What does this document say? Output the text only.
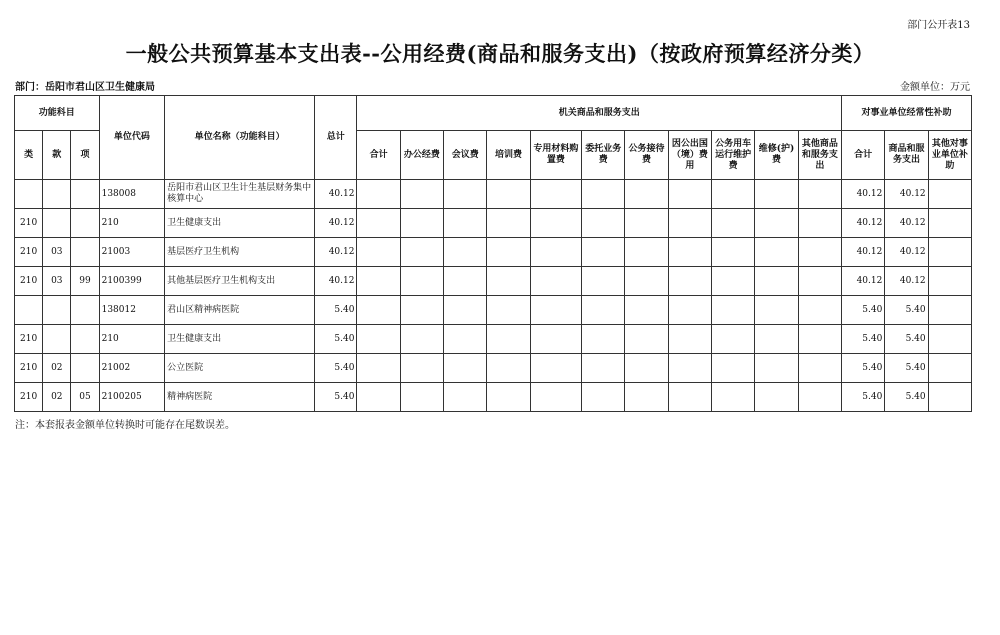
部门公开表13
一般公共预算基本支出表--公用经费(商品和服务支出)（按政府预算经济分类）
部门：岳阳市君山区卫生健康局	金额单位：万元
功能科目			单位代码	单位名称（功能科目）	总计	机关商品和服务支出											对事业单位经常性补助		
类	款	项				合计	办公经费	会议费	培训费	专用材料购置费	委托业务费	公务接待费	因公出国（境）费用	公务用车运行维护费	维修(护)费	其他商品和服务支出	合计	商品和服务支出	其他对事业单位补助
			138008	岳阳市君山区卫生计生基层财务集中核算中心	40.12												40.12	40.12	
210			210	卫生健康支出	40.12												40.12	40.12	
210	03		21003	基层医疗卫生机构	40.12												40.12	40.12	
210	03	99	2100399	其他基层医疗卫生机构支出	40.12												40.12	40.12	
			138012	君山区精神病医院	5.40												5.40	5.40	
210			210	卫生健康支出	5.40												5.40	5.40	
210	02		21002	公立医院	5.40												5.40	5.40	
210	02	05	2100205	精神病医院	5.40												5.40	5.40	
注：本套报表金额单位转换时可能存在尾数误差。
